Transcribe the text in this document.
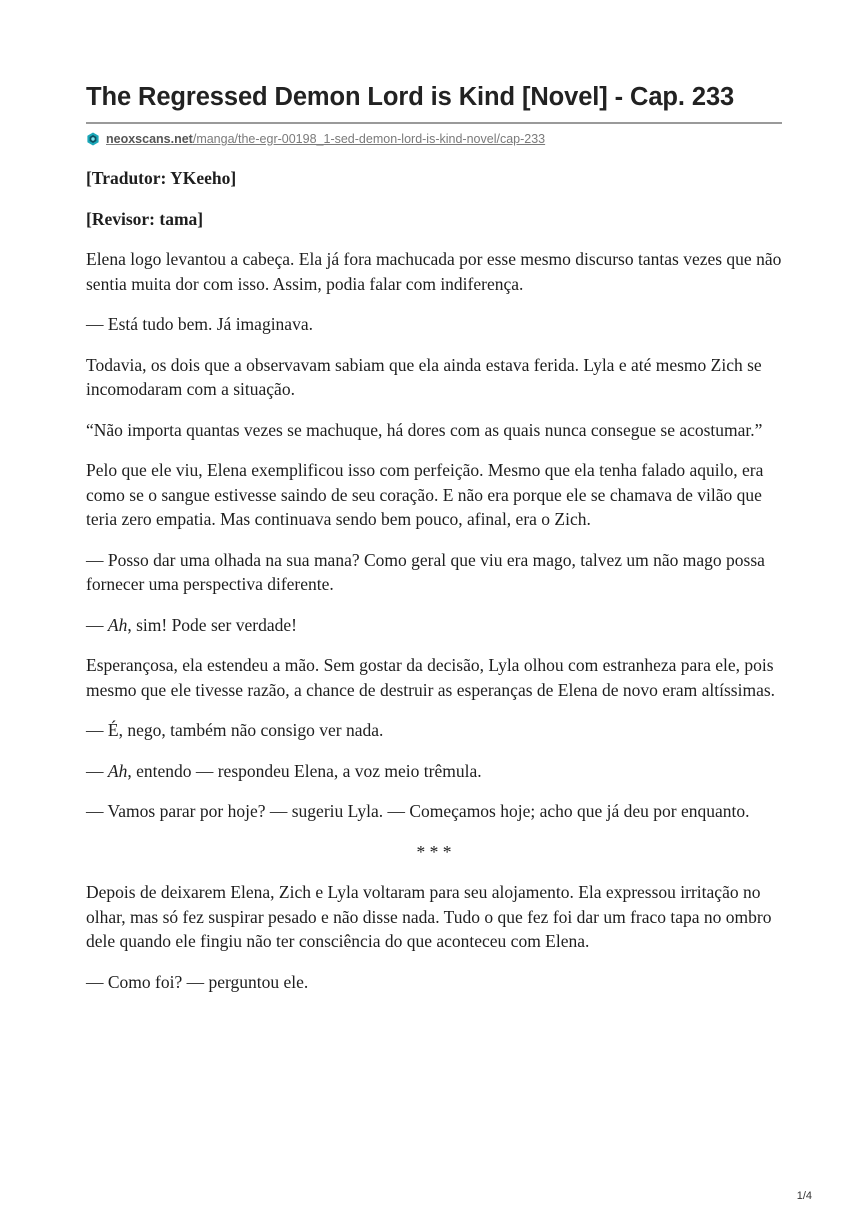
The Regressed Demon Lord is Kind [Novel] - Cap. 233
neoxscans.net/manga/the-egr-00198_1-sed-demon-lord-is-kind-novel/cap-233

[Tradutor: YKeeho]

[Revisor: tama]

Elena logo levantou a cabeça. Ela já fora machucada por esse mesmo discurso tantas vezes que não sentia muita dor com isso. Assim, podia falar com indiferença.

— Está tudo bem. Já imaginava.

Todavia, os dois que a observavam sabiam que ela ainda estava ferida. Lyla e até mesmo Zich se incomodaram com a situação.

“Não importa quantas vezes se machuque, há dores com as quais nunca consegue se acostumar.”

Pelo que ele viu, Elena exemplificou isso com perfeição. Mesmo que ela tenha falado aquilo, era como se o sangue estivesse saindo de seu coração. E não era porque ele se chamava de vilão que teria zero empatia. Mas continuava sendo bem pouco, afinal, era o Zich.

— Posso dar uma olhada na sua mana? Como geral que viu era mago, talvez um não mago possa fornecer uma perspectiva diferente.

— Ah, sim! Pode ser verdade!

Esperançosa, ela estendeu a mão. Sem gostar da decisão, Lyla olhou com estranheza para ele, pois mesmo que ele tivesse razão, a chance de destruir as esperanças de Elena de novo eram altíssimas.

— É, nego, também não consigo ver nada.

— Ah, entendo — respondeu Elena, a voz meio trêmula.

— Vamos parar por hoje? — sugeriu Lyla. — Começamos hoje; acho que já deu por enquanto.

* * *

Depois de deixarem Elena, Zich e Lyla voltaram para seu alojamento. Ela expressou irritação no olhar, mas só fez suspirar pesado e não disse nada. Tudo o que fez foi dar um fraco tapa no ombro dele quando ele fingiu não ter consciência do que aconteceu com Elena.

— Como foi? — perguntou ele.

1/4
